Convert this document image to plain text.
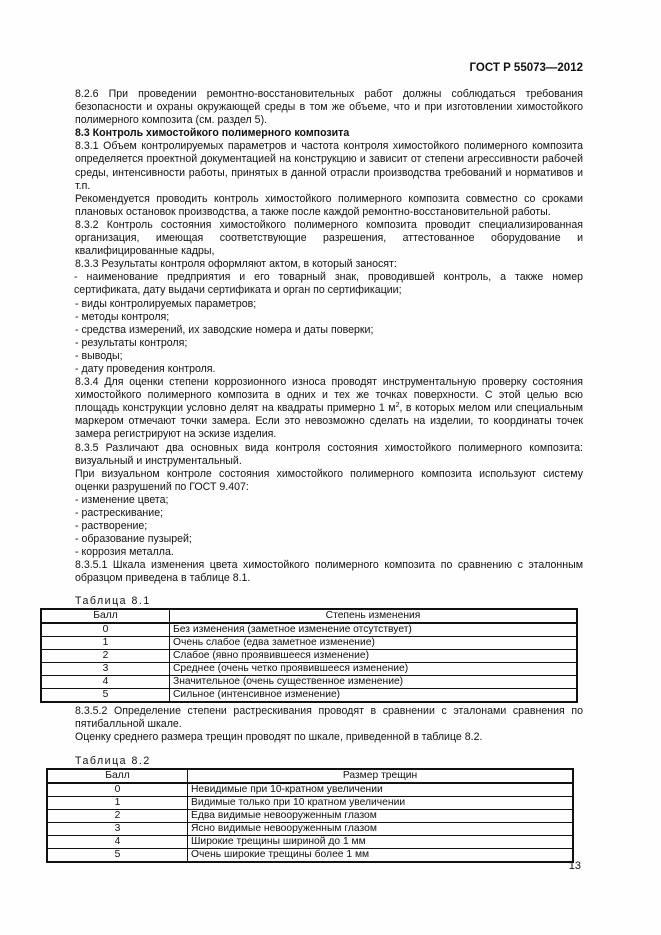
ГОСТ Р 55073—2012

8.2.6 При проведении ремонтно-восстановительных работ должны соблюдаться требования безопасности и охраны окружающей среды в том же объеме, что и при изготовлении химостойкого полимерного композита (см. раздел 5).

8.3 Контроль химостойкого полимерного композита

8.3.1 Объем контролируемых параметров и частота контроля химостойкого полимерного композита определяется проектной документацией на конструкцию и зависит от степени агрессивности рабочей среды, интенсивности работы, принятых в данной отрасли производства требований и нормативов и т.п.

Рекомендуется проводить контроль химостойкого полимерного композита совместно со сроками плановых остановок производства, а также после каждой ремонтно-восстановительной работы.

8.3.2 Контроль состояния химостойкого полимерного композита проводит специализированная организация, имеющая соответствующие разрешения, аттестованное оборудование и квалифицированные кадры,

8.3.3 Результаты контроля оформляют актом, в который заносят:

- наименование предприятия и его товарный знак, проводившей контроль, а также номер сертификата, дату выдачи сертификата и орган по сертификации;

- виды контролируемых параметров;

- методы контроля;

- средства измерений, их заводские номера и даты поверки;

- результаты контроля;

- выводы;

- дату проведения контроля.

8.3.4 Для оценки степени коррозионного износа проводят инструментальную проверку состояния химостойкого полимерного композита в одних и тех же точках поверхности. С этой целью всю площадь конструкции условно делят на квадраты примерно 1 $м^2$, в которых мелом или специальным маркером отмечают точки замера. Если это невозможно сделать на изделии, то координаты точек замера регистрируют на эскизе изделия.

8.3.5 Различают два основных вида контроля состояния химостойкого полимерного композита: визуальный и инструментальный.

При визуальном контроле состояния химостойкого полимерного композита используют систему оценки разрушений по ГОСТ 9.407:

- изменение цвета;

- растрескивание;

- растворение;

- образование пузырей;

- коррозия металла.

8.3.5.1 Шкала изменения цвета химостойкого полимерного композита по сравнению с эталонным образцом приведена в таблице 8.1.

Таблица 8.1

Балл	Степень изменения
0	Без изменения (заметное изменение отсутствует)
1	Очень слабое (едва заметное изменение)
2	Слабое (явно проявившееся изменение)
3	Среднее (очень четко проявившееся изменение)
4	Значительное (очень существенное изменение)
5	Сильное (интенсивное изменение)

8.3.5.2 Определение степени растрескивания проводят в сравнении с эталонами сравнения по пятибалльной шкале.

Оценку среднего размера трещин проводят по шкале, приведенной в таблице 8.2.

Таблица 8.2

Балл	Размер трещин
0	Невидимые при 10-кратном увеличении
1	Видимые только при 10 кратном увеличении
2	Едва видимые невооруженным глазом
3	Ясно видимые невооруженным глазом
4	Широкие трещины шириной до 1 мм
5	Очень широкие трещины более 1 мм
13
